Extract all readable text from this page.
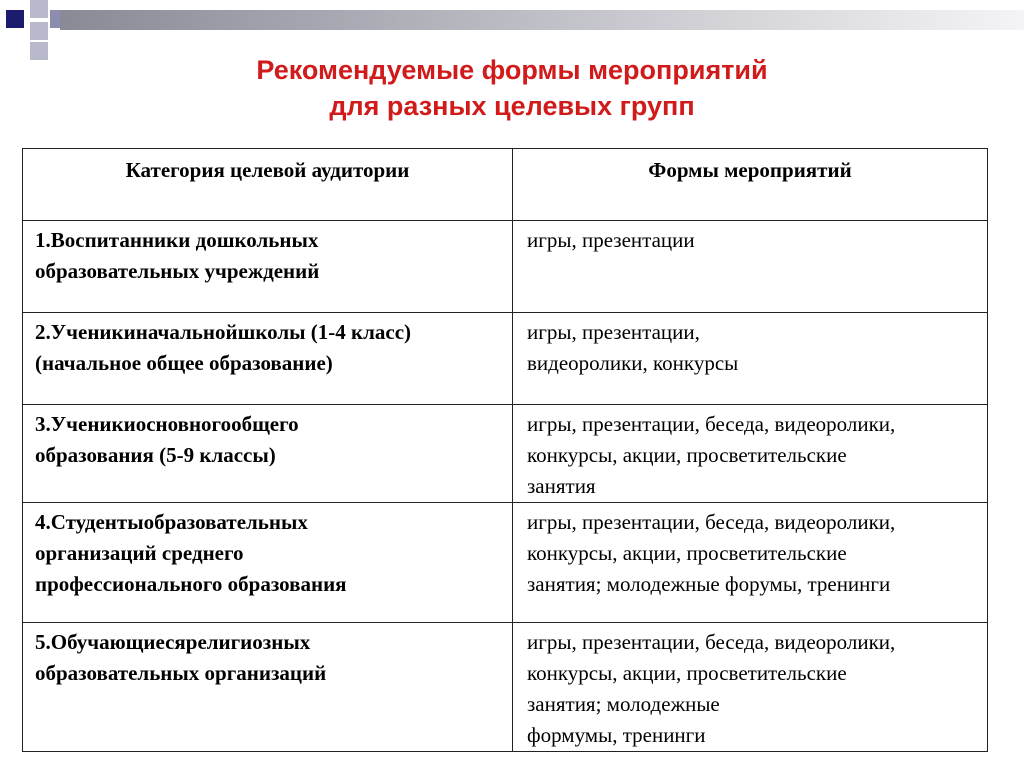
Рекомендуемые формы мероприятий
для разных целевых групп
Категория целевой аудитории	Формы мероприятий
1.Воспитанники дошкольных
образовательных учреждений	игры, презентации
2.Ученикиначальнойшколы (1-4 класс)
(начальное общее образование)	игры, презентации,
видеоролики, конкурсы
3.Ученикиосновногообщего
образования (5-9 классы)	игры, презентации, беседа, видеоролики,
конкурсы, акции, просветительские
занятия
4.Студентыобразовательных
организаций среднего
профессионального образования	игры, презентации, беседа, видеоролики,
конкурсы, акции, просветительские
занятия; молодежные форумы, тренинги
5.Обучающиесярелигиозных
образовательных организаций	игры, презентации, беседа, видеоролики,
конкурсы, акции, просветительские
занятия; молодежные
формумы, тренинги
